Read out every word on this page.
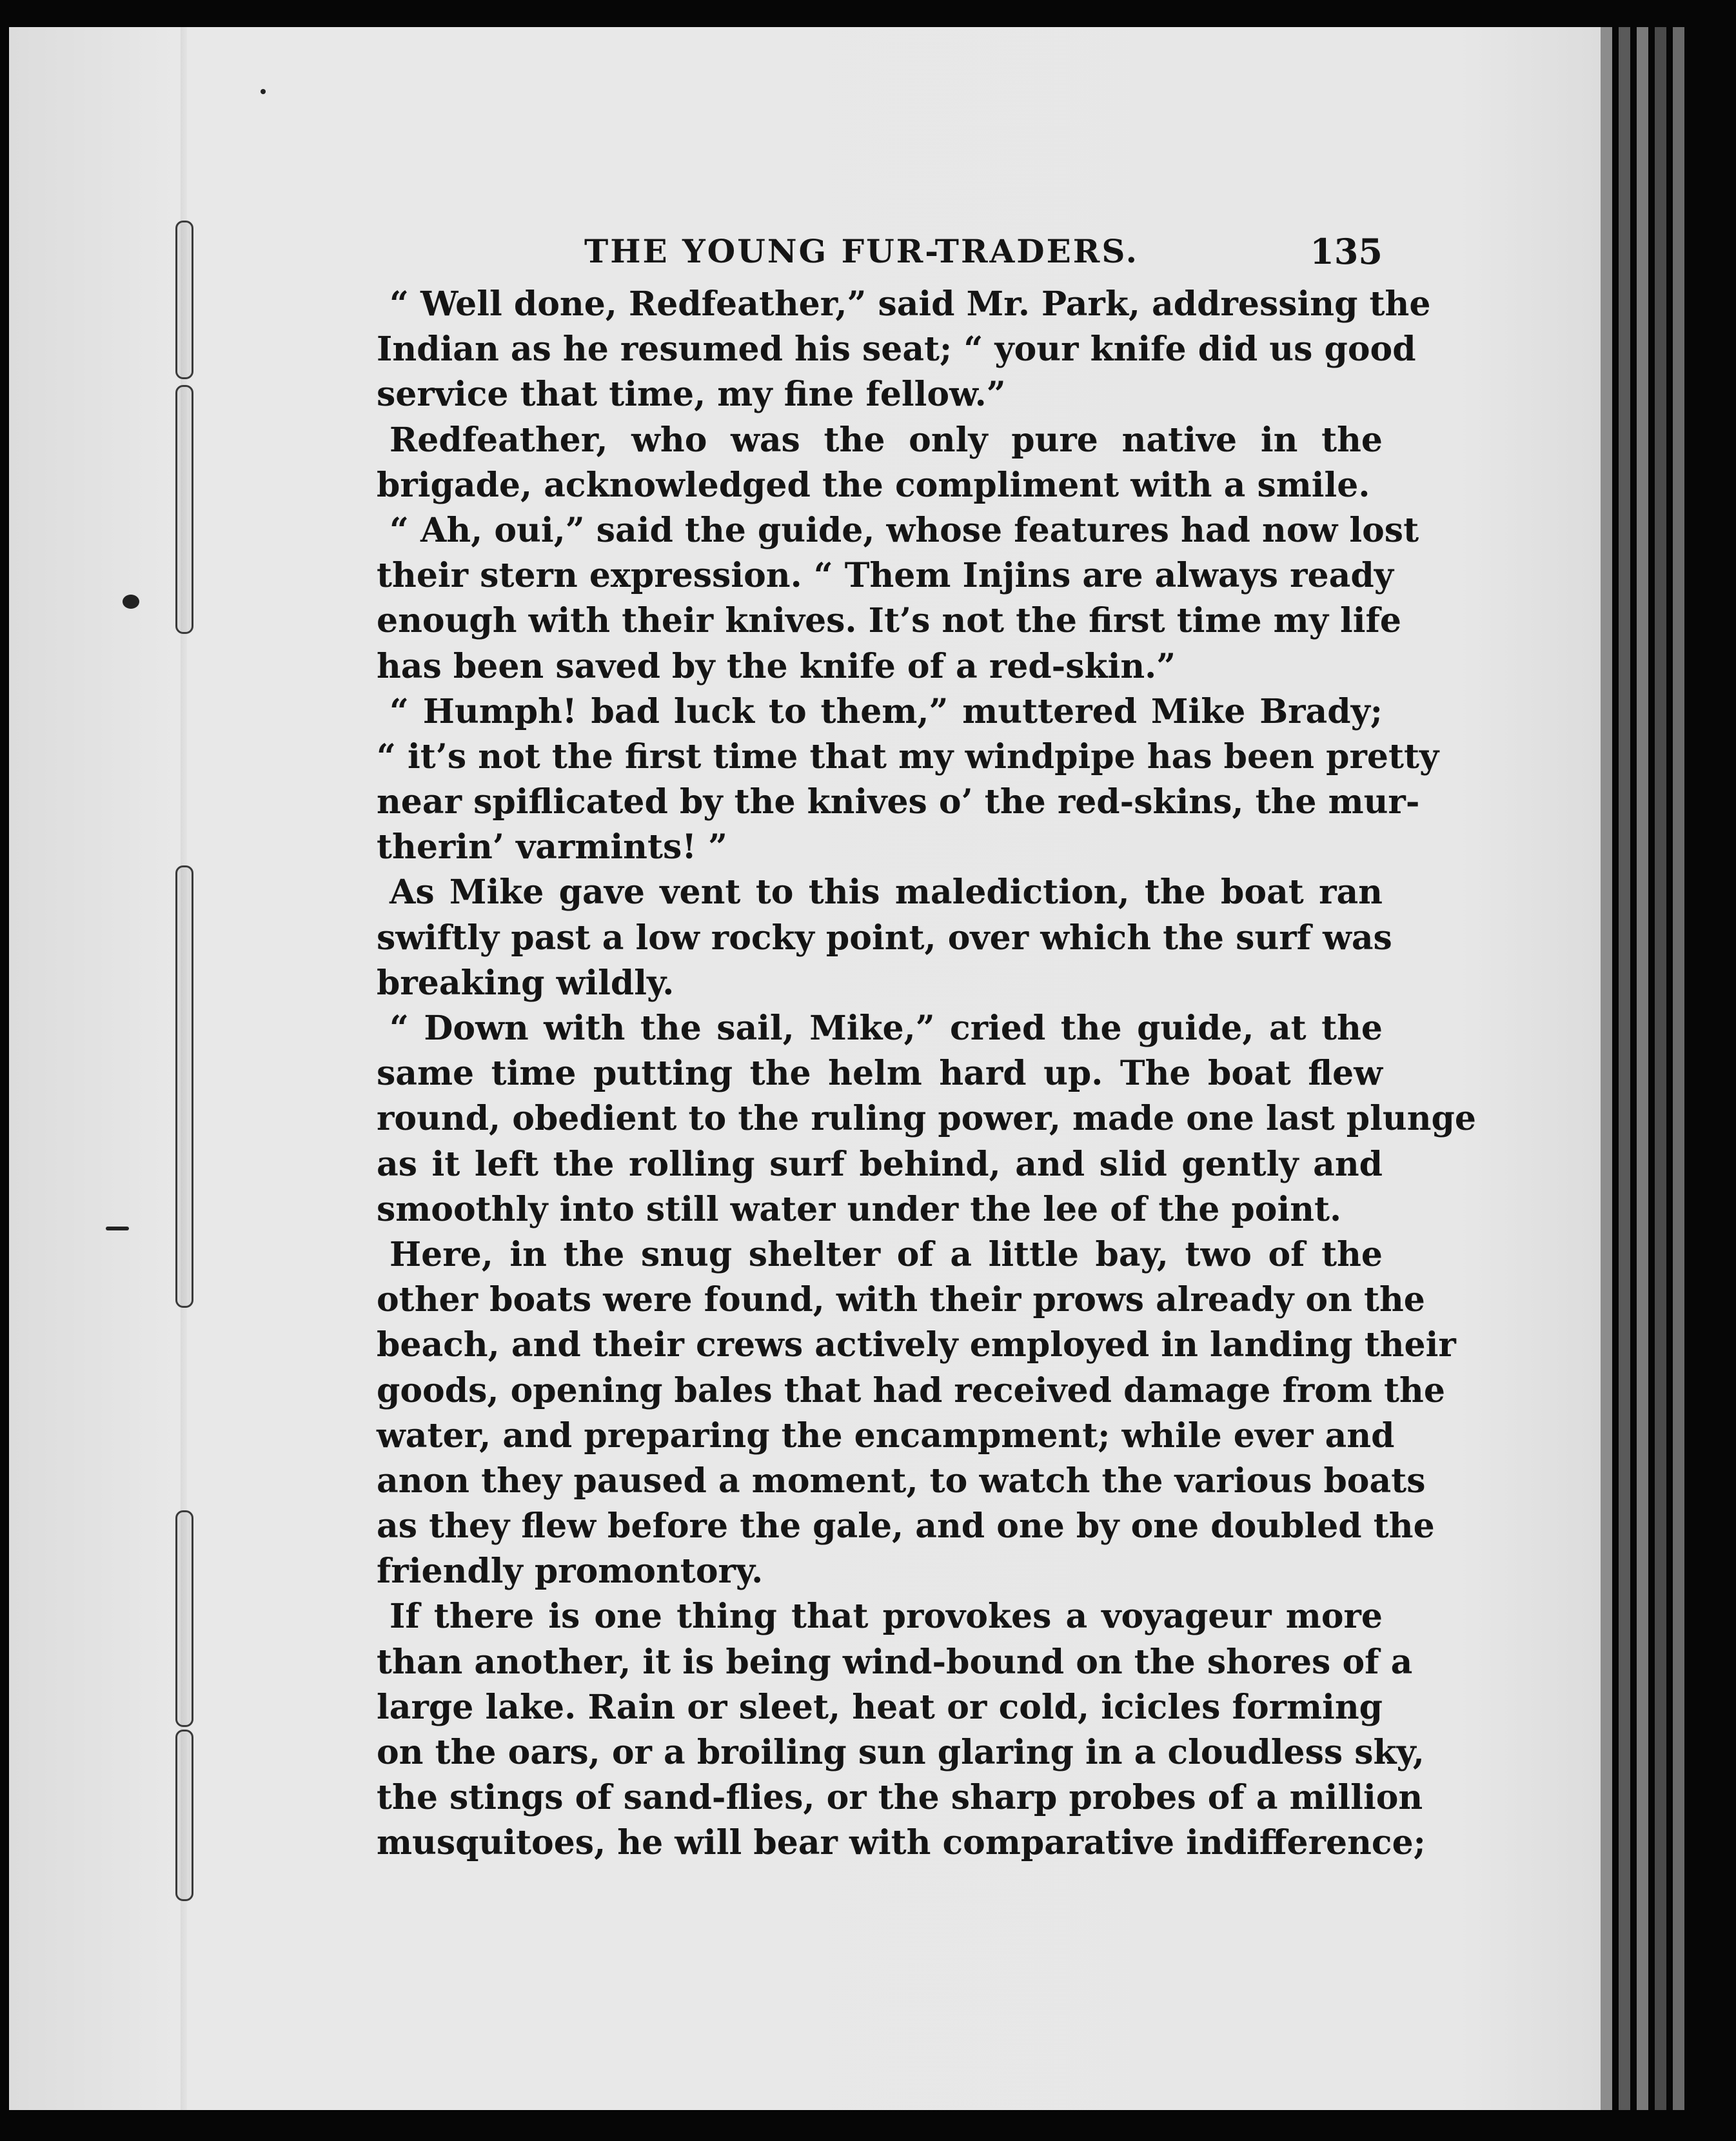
THE YOUNG FUR-TRADERS.	135
“ Well done, Redfeather,” said Mr. Park, addressing the
Indian as he resumed his seat; “ your knife did us good
service that time, my fine fellow.”
Redfeather, who was the only pure native in the
brigade, acknowledged the compliment with a smile.
“ Ah, oui,” said the guide, whose features had now lost
their stern expression. “ Them Injins are always ready
enough with their knives. It’s not the first time my life
has been saved by the knife of a red-skin.”
“ Humph! bad luck to them,” muttered Mike Brady;
“ it’s not the first time that my windpipe has been pretty
near spiflicated by the knives o’ the red-skins, the mur-
therin’ varmints! ”
As Mike gave vent to this malediction, the boat ran
swiftly past a low rocky point, over which the surf was
breaking wildly.
“ Down with the sail, Mike,” cried the guide, at the
same time putting the helm hard up. The boat flew
round, obedient to the ruling power, made one last plunge
as it left the rolling surf behind, and slid gently and
smoothly into still water under the lee of the point.
Here, in the snug shelter of a little bay, two of the
other boats were found, with their prows already on the
beach, and their crews actively employed in landing their
goods, opening bales that had received damage from the
water, and preparing the encampment; while ever and
anon they paused a moment, to watch the various boats
as they flew before the gale, and one by one doubled the
friendly promontory.
If there is one thing that provokes a voyageur more
than another, it is being wind-bound on the shores of a
large lake. Rain or sleet, heat or cold, icicles forming
on the oars, or a broiling sun glaring in a cloudless sky,
the stings of sand-flies, or the sharp probes of a million
musquitoes, he will bear with comparative indifference;
